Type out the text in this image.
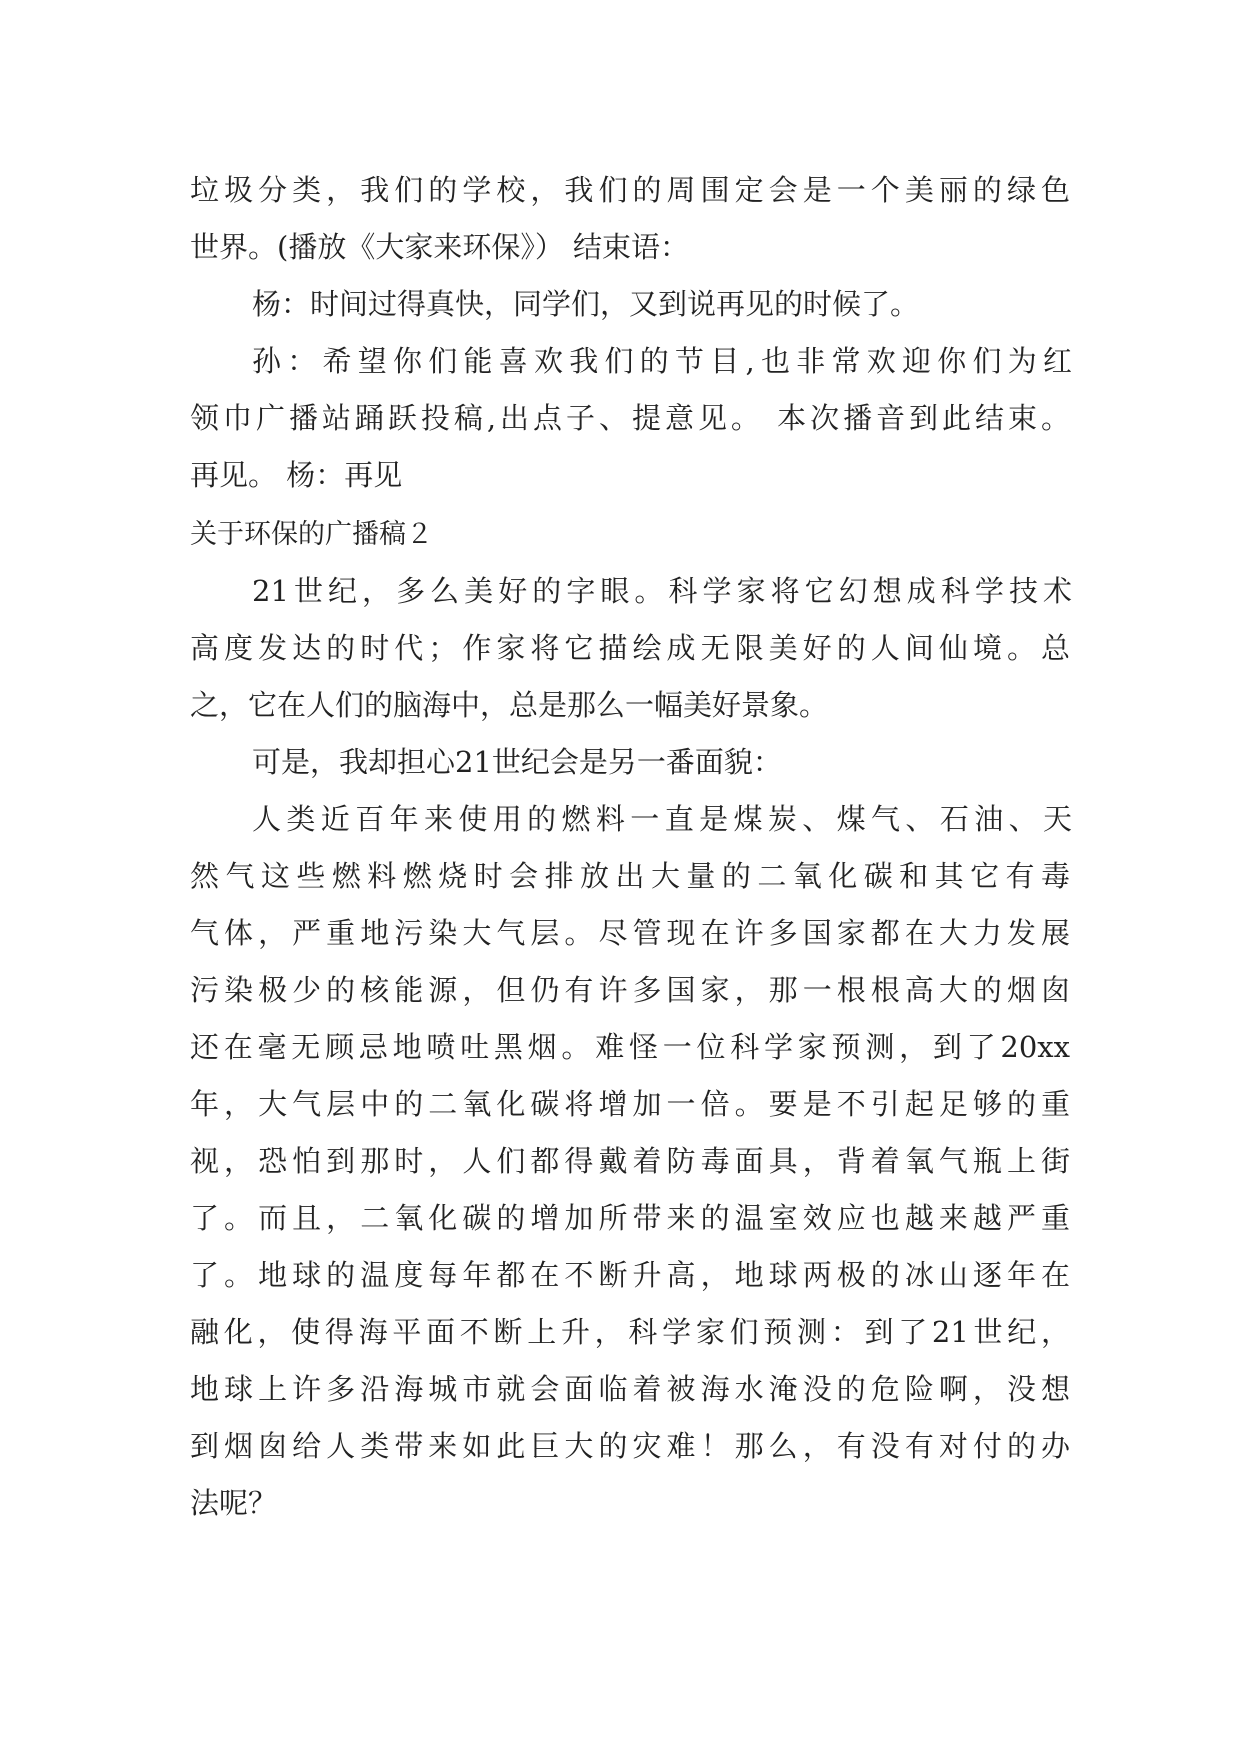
垃圾分类，我们的学校，我们的周围定会是一个美丽的绿色
世界。(播放《大家来环保》） 结束语：
杨：时间过得真快，同学们，又到说再见的时候了。
孙：希望你们能喜欢我们的节目,也非常欢迎你们为红
领巾广播站踊跃投稿,出点子、提意见。 本次播音到此结束。
再见。 杨：再见
关于环保的广播稿２
21世纪，多么美好的字眼。科学家将它幻想成科学技术
高度发达的时代；作家将它描绘成无限美好的人间仙境。总
之，它在人们的脑海中，总是那么一幅美好景象。
可是，我却担心21世纪会是另一番面貌：
人类近百年来使用的燃料一直是煤炭、煤气、石油、天
然气这些燃料燃烧时会排放出大量的二氧化碳和其它有毒
气体，严重地污染大气层。尽管现在许多国家都在大力发展
污染极少的核能源，但仍有许多国家，那一根根高大的烟囱
还在毫无顾忌地喷吐黑烟。难怪一位科学家预测，到了20xx
年，大气层中的二氧化碳将增加一倍。要是不引起足够的重
视，恐怕到那时，人们都得戴着防毒面具，背着氧气瓶上街
了。而且，二氧化碳的增加所带来的温室效应也越来越严重
了。地球的温度每年都在不断升高，地球两极的冰山逐年在
融化，使得海平面不断上升，科学家们预测：到了21世纪，
地球上许多沿海城市就会面临着被海水淹没的危险啊，没想
到烟囱给人类带来如此巨大的灾难！那么，有没有对付的办
法呢？
